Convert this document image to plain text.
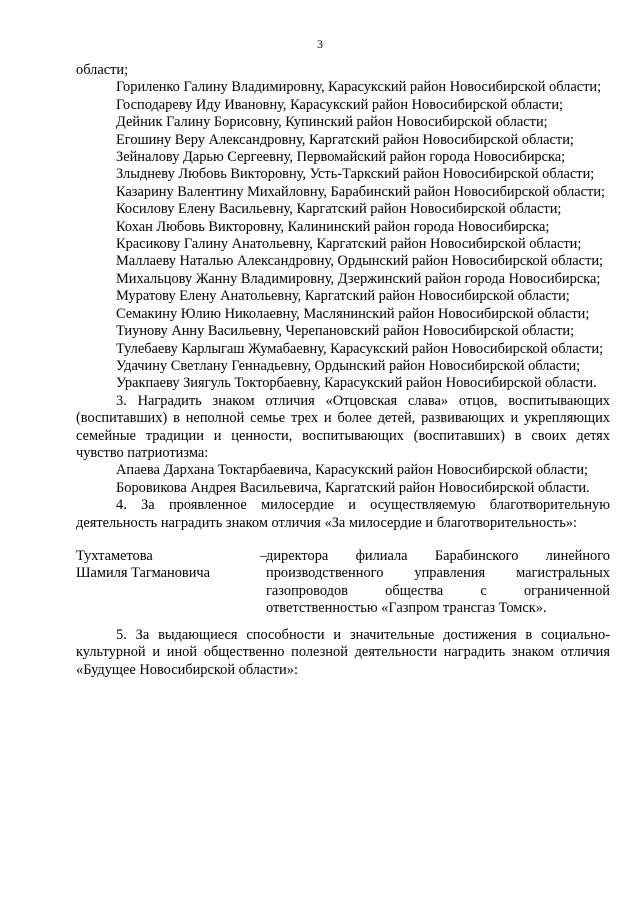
3

области;

Гориленко Галину Владимировну, Карасукский район Новосибирской области;

Господареву Иду Ивановну, Карасукский район Новосибирской области;

Дейник Галину Борисовну, Купинский район Новосибирской области;

Егошину Веру Александровну, Каргатский район Новосибирской области;

Зейналову Дарью Сергеевну, Первомайский район города Новосибирска;

Злыдневу Любовь Викторовну, Усть-Таркский район Новосибирской области;

Казарину Валентину Михайловну, Барабинский район Новосибирской области;

Косилову Елену Васильевну, Каргатский район Новосибирской области;

Кохан Любовь Викторовну, Калининский район города Новосибирска;

Красикову Галину Анатольевну, Каргатский район Новосибирской области;

Маллаеву Наталью Александровну, Ордынский район Новосибирской области;

Михальцову Жанну Владимировну, Дзержинский район города Новосибирска;

Муратову Елену Анатольевну, Каргатский район Новосибирской области;

Семакину Юлию Николаевну, Маслянинский район Новосибирской области;

Тиунову Анну Васильевну, Черепановский район Новосибирской области;

Тулебаеву Карлыгаш Жумабаевну, Карасукский район Новосибирской области;

Удачину Светлану Геннадьевну, Ордынский район Новосибирской области;

Уракпаеву Зиягуль Токторбаевну, Карасукский район Новосибирской области.

3. Наградить знаком отличия «Отцовская слава» отцов, воспитывающих (воспитавших) в неполной семье трех и более детей, развивающих и укрепляющих семейные традиции и ценности, воспитывающих (воспитавших) в своих детях чувство патриотизма:

Апаева Дархана Токтарбаевича, Карасукский район Новосибирской области;

Боровикова Андрея Васильевича, Каргатский район Новосибирской области.

4. За проявленное милосердие и осуществляемую благотворительную деятельность наградить знаком отличия «За милосердие и благотворительность»:

Тухтаметова
Шамиля Тагмановича
–

директора филиала Барабинского линейного производственного управления магистральных газопроводов общества с ограниченной ответственностью «Газпром трансгаз Томск».

5. За выдающиеся способности и значительные достижения в социально-культурной и иной общественно полезной деятельности наградить знаком отличия «Будущее Новосибирской области»:
